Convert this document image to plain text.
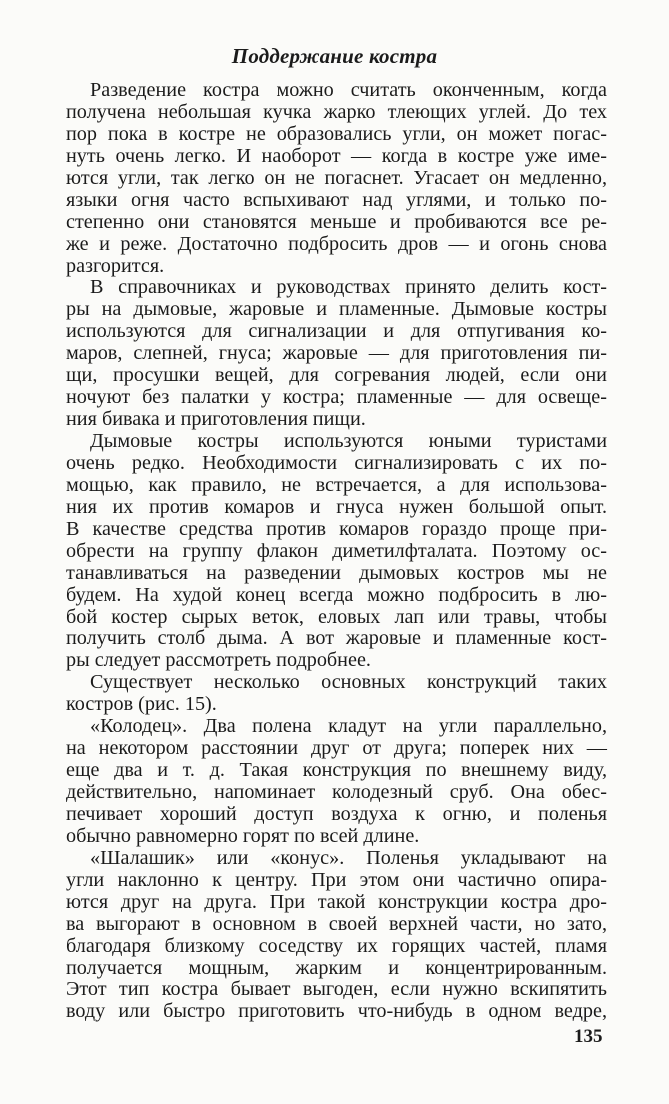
Поддержание костра
Разведение костра можно считать оконченным, когда
получена небольшая кучка жарко тлеющих углей. До тех
пор пока в костре не образовались угли, он может погас-
нуть очень легко. И наоборот — когда в костре уже име-
ются угли, так легко он не погаснет. Угасает он медленно,
языки огня часто вспыхивают над углями, и только по-
степенно они становятся меньше и пробиваются все ре-
же и реже. Достаточно подбросить дров — и огонь снова
разгорится.
В справочниках и руководствах принято делить кост-
ры на дымовые, жаровые и пламенные. Дымовые костры
используются для сигнализации и для отпугивания ко-
маров, слепней, гнуса; жаровые — для приготовления пи-
щи, просушки вещей, для согревания людей, если они
ночуют без палатки у костра; пламенные — для освеще-
ния бивака и приготовления пищи.
Дымовые костры используются юными туристами
очень редко. Необходимости сигнализировать с их по-
мощью, как правило, не встречается, а для использова-
ния их против комаров и гнуса нужен большой опыт.
В качестве средства против комаров гораздо проще при-
обрести на группу флакон диметилфталата. Поэтому ос-
танавливаться на разведении дымовых костров мы не
будем. На худой конец всегда можно подбросить в лю-
бой костер сырых веток, еловых лап или травы, чтобы
получить столб дыма. А вот жаровые и пламенные кост-
ры следует рассмотреть подробнее.
Существует несколько основных конструкций таких
костров (рис. 15).
«Колодец». Два полена кладут на угли параллельно,
на некотором расстоянии друг от друга; поперек них —
еще два и т. д. Такая конструкция по внешнему виду,
действительно, напоминает колодезный сруб. Она обес-
печивает хороший доступ воздуха к огню, и поленья
обычно равномерно горят по всей длине.
«Шалашик» или «конус». Поленья укладывают на
угли наклонно к центру. При этом они частично опира-
ются друг на друга. При такой конструкции костра дро-
ва выгорают в основном в своей верхней части, но зато,
благодаря близкому соседству их горящих частей, пламя
получается мощным, жарким и концентрированным.
Этот тип костра бывает выгоден, если нужно вскипятить
воду или быстро приготовить что-нибудь в одном ведре,
135
